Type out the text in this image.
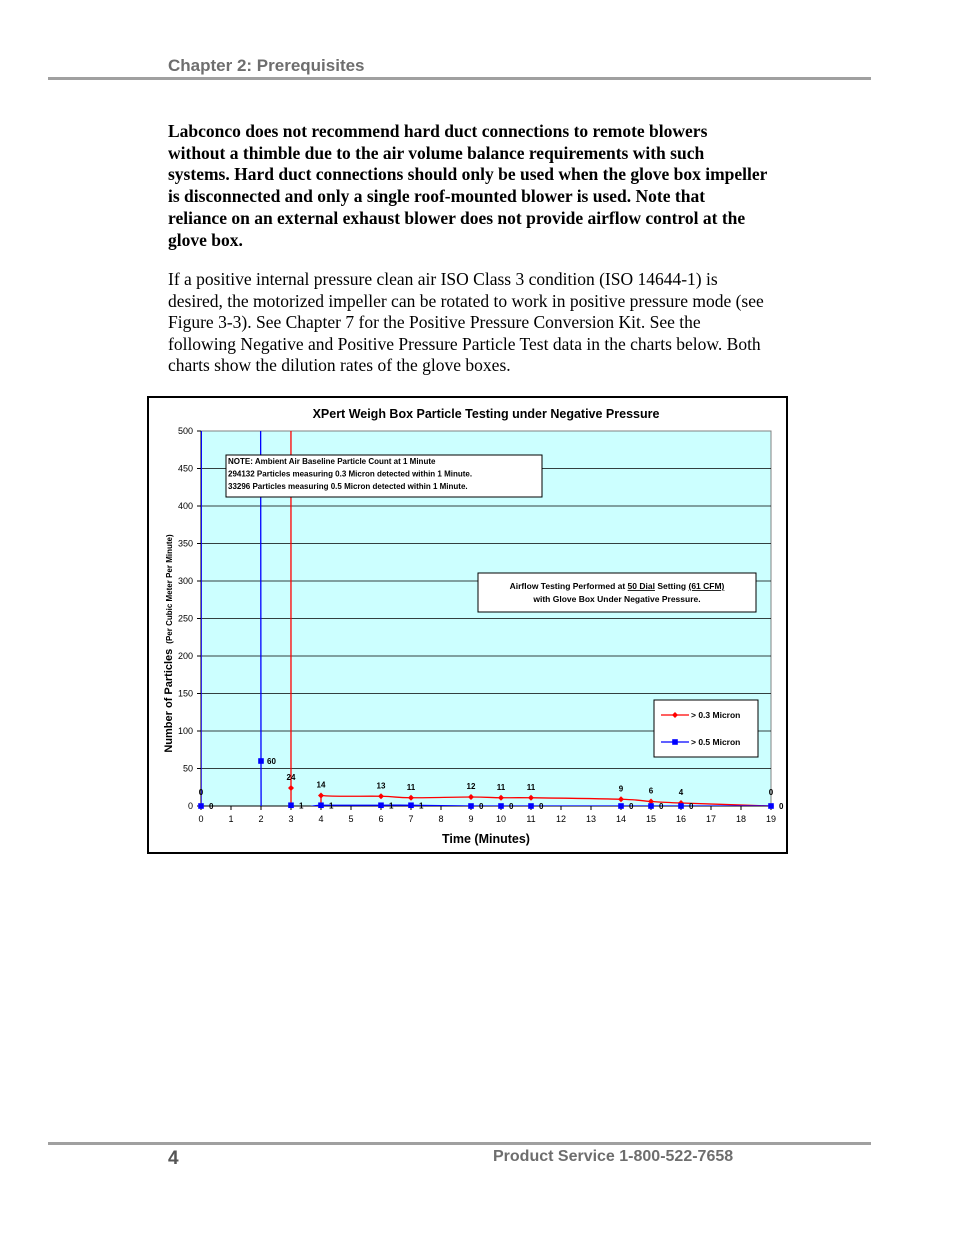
Chapter 2: Prerequisites
Labconco does not recommend hard duct connections to remote blowers without a thimble due to the air volume balance requirements with such systems. Hard duct connections should only be used when the glove box impeller is disconnected and only a single roof-mounted blower is used. Note that reliance on an external exhaust blower does not provide airflow control at the glove box.
If a positive internal pressure clean air ISO Class 3 condition (ISO 14644-1) is desired, the motorized impeller can be rotated to work in positive pressure mode (see Figure 3-3). See Chapter 7 for the Positive Pressure Conversion Kit. See the following Negative and Positive Pressure Particle Test data in the charts below. Both charts show the dilution rates of the glove boxes.
XPert Weigh Box Particle Testing under Negative Pressure
0
50
100
150
200
250
300
350
400
450
500
0	1	2	3	4	5	6	7	8	9 10 11 12 13 14 15 16 17 18 19
Time (Minutes)
Number of Particles(Per Cubic Meter Per Minute)
0
24
14	13	11	12	11	11	9	6	4	0
0
60
1	1	1	1	0	0	0	0	0	0	0
NOTE: Ambient Air Baseline Particle Count at 1 Minute
294132 Particles measuring 0.3 Micron detected within 1 Minute.
33296 Particles measuring 0.5 Micron detected within 1 Minute.
Airflow Testing Performed at 50 Dial Setting (61 CFM)
with Glove Box Under Negative Pressure.
> 0.3 Micron
> 0.5 Micron
4	Product Service 1-800-522-7658
